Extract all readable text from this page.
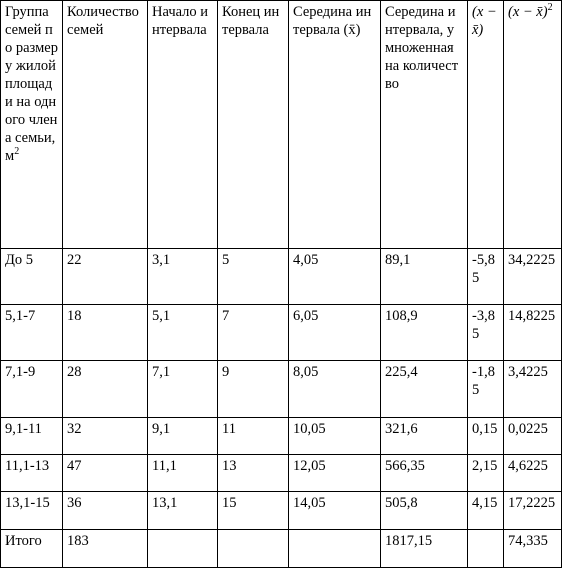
Группа семей по размеру жилой площади на одного члена семьи, $м^2$	Количество семей	Начало интервала	Конец интервала	Середина интервала (x̄)	Середина интервала, умноженная на количество	(x − x̄)	(x − x̄)$^2$
До 5	22	3,1	5	4,05	89,1	-5,85	34,2225
5,1-7	18	5,1	7	6,05	108,9	-3,85	14,8225
7,1-9	28	7,1	9	8,05	225,4	-1,85	3,4225
9,1-11	32	9,1	11	10,05	321,6	0,15	0,0225
11,1-13	47	11,1	13	12,05	566,35	2,15	4,6225
13,1-15	36	13,1	15	14,05	505,8	4,15	17,2225
Итого	183				1817,15		74,335
